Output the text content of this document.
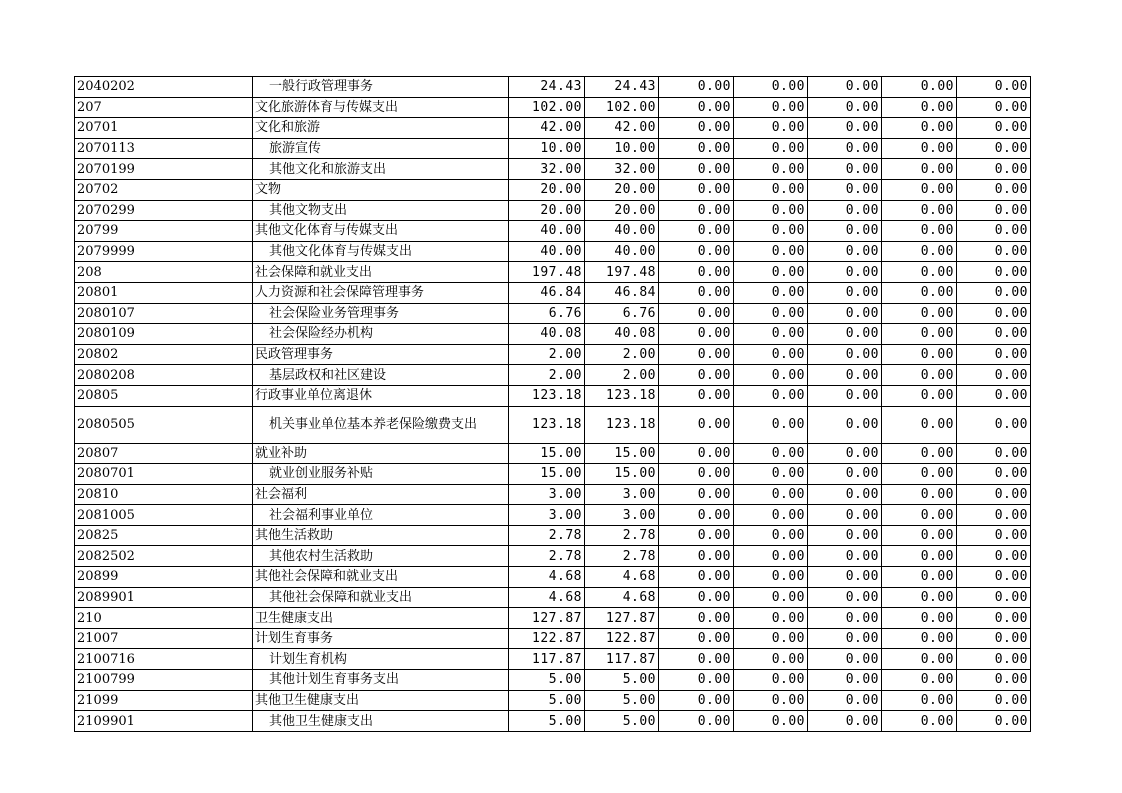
2040202	一般行政管理事务	24.43	24.43	0.00	0.00	0.00	0.00	0.00
207	文化旅游体育与传媒支出	102.00	102.00	0.00	0.00	0.00	0.00	0.00
20701	文化和旅游	42.00	42.00	0.00	0.00	0.00	0.00	0.00
2070113	旅游宣传	10.00	10.00	0.00	0.00	0.00	0.00	0.00
2070199	其他文化和旅游支出	32.00	32.00	0.00	0.00	0.00	0.00	0.00
20702	文物	20.00	20.00	0.00	0.00	0.00	0.00	0.00
2070299	其他文物支出	20.00	20.00	0.00	0.00	0.00	0.00	0.00
20799	其他文化体育与传媒支出	40.00	40.00	0.00	0.00	0.00	0.00	0.00
2079999	其他文化体育与传媒支出	40.00	40.00	0.00	0.00	0.00	0.00	0.00
208	社会保障和就业支出	197.48	197.48	0.00	0.00	0.00	0.00	0.00
20801	人力资源和社会保障管理事务	46.84	46.84	0.00	0.00	0.00	0.00	0.00
2080107	社会保险业务管理事务	6.76	6.76	0.00	0.00	0.00	0.00	0.00
2080109	社会保险经办机构	40.08	40.08	0.00	0.00	0.00	0.00	0.00
20802	民政管理事务	2.00	2.00	0.00	0.00	0.00	0.00	0.00
2080208	基层政权和社区建设	2.00	2.00	0.00	0.00	0.00	0.00	0.00
20805	行政事业单位离退休	123.18	123.18	0.00	0.00	0.00	0.00	0.00
2080505	机关事业单位基本养老保险缴费支出	123.18	123.18	0.00	0.00	0.00	0.00	0.00
20807	就业补助	15.00	15.00	0.00	0.00	0.00	0.00	0.00
2080701	就业创业服务补贴	15.00	15.00	0.00	0.00	0.00	0.00	0.00
20810	社会福利	3.00	3.00	0.00	0.00	0.00	0.00	0.00
2081005	社会福利事业单位	3.00	3.00	0.00	0.00	0.00	0.00	0.00
20825	其他生活救助	2.78	2.78	0.00	0.00	0.00	0.00	0.00
2082502	其他农村生活救助	2.78	2.78	0.00	0.00	0.00	0.00	0.00
20899	其他社会保障和就业支出	4.68	4.68	0.00	0.00	0.00	0.00	0.00
2089901	其他社会保障和就业支出	4.68	4.68	0.00	0.00	0.00	0.00	0.00
210	卫生健康支出	127.87	127.87	0.00	0.00	0.00	0.00	0.00
21007	计划生育事务	122.87	122.87	0.00	0.00	0.00	0.00	0.00
2100716	计划生育机构	117.87	117.87	0.00	0.00	0.00	0.00	0.00
2100799	其他计划生育事务支出	5.00	5.00	0.00	0.00	0.00	0.00	0.00
21099	其他卫生健康支出	5.00	5.00	0.00	0.00	0.00	0.00	0.00
2109901	其他卫生健康支出	5.00	5.00	0.00	0.00	0.00	0.00	0.00
